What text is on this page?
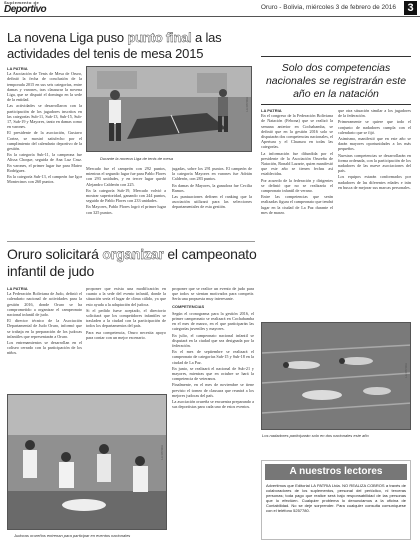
Suplemento de
Deportivo	Oruro - Bolivia, miércoles 3 de febrero de 2016	3
La novena Liga puso punto final a las actividades del tenis de mesa 2015
LA PATRIA

La Asociación de Tenis de Mesa de Oruro, definió la fecha de conclusión de la temporada 2015 en sus seis categorías, entre damas y varones, tras clausurar la novena Liga, que se disputó el domingo en la sede de la entidad.

Las actividades se desarrollaron con la participación de los jugadores inscritos en las categorías Sub-11, Sub-13, Sub-15, Sub-17, Sub-19 y Mayores, tanto en damas como en varones.

El presidente de la asociación, Gustavo Cortez, se mostró satisfecho por el cumplimiento del calendario deportivo de la gestión.

En la categoría Sub-11, la campeona fue Alissa Choque, seguida de Ana Luz Cruz. En varones, el primer lugar fue para Mateo Rodríguez.

En la categoría Sub-13, el campeón fue Igor Montecinos con 260 puntos.

LA PATRIA
Durante la novena Liga de tenis de mesa

Mercado fue el campeón con 292 puntos, mientras el segundo lugar fue para Pablo Flores con 293 unidades, y en tercer lugar quedó Alejandro Calderón con 225.

En la categoría Sub-19, Mercado volvió a mostrar superioridad, ganando con 244 puntos, seguido de Pablo Flores con 233 unidades.

En Mayores, Pablo Flores logró el primer lugar con 325 puntos.

jugadas, sobre los 291 puntos. El campeón de la categoría Mayores en varones fue Adrián Calderón, con 283 puntos.

En damas de Mayores, la ganadora fue Cecilia Ramos.

Las puntuaciones definen el ranking que la asociación utilizará para las selecciones departamentales de esta gestión.

Solo dos competencias nacionales se registrarán este año en la natación
LA PATRIA

En el congreso de la Federación Boliviana de Natación (Febona) que se realizó la semana anterior en Cochabamba, se definió que en la gestión 2016 solo se disputarán dos competencias nacionales, el Apertura y el Clausura en todas las categorías.

La información fue difundida por el presidente de la Asociación Orureña de Natación, Ronald Lazarte, quien manifestó que este año se tienen fechas así establecidas.

Por acuerdo de la federación y dirigentes se definió que no se realizaría el campeonato infantil de verano.

Entre las competencias que serán realizadas figura el campeonato que tendrá lugar en la ciudad de La Paz durante el mes de marzo.

que otra situación similar a los jugadores de la federación.

Primeramente se quiere que todo el conjunto de nadadores cumpla con el calendario que se fijó.

Asimismo, manifestó que en este año se darán mayores oportunidades a los más pequeños.

Nuestras competencias se desarrollarán en forma ordenada, con la participación de los nadadores de las nueve asociaciones del país.

Los equipos estarán conformados por nadadores de las diferentes edades e irán en busca de mejorar sus marcas personales.

LA PATRIA
Los nadadores participarán solo en dos nacionales este año
Oruro solicitará organizar el campeonato infantil de judo
LA PATRIA

La Federación Boliviana de Judo, definió el calendario nacional de actividades para la gestión 2016, donde Oruro se ha comprometido a organizar el campeonato nacional infantil de judo.

El director técnico de la Asociación Departamental de Judo Oruro, informó que se trabaja en la preparación de los judocas infantiles que representarán a Oruro.

Los entrenamientos se desarrollan en el coliseo cerrado con la participación de los niños.

proponer que exista una modificación en cuanto a la sede del evento infantil, donde la situación sería el lugar de clima cálido, ya que esto ayuda a la adaptación del judoca.

Si el pedido fuese aceptado, el directorio solicitará que los competidores infantiles se trasladen a la ciudad con la participación de todos los departamentos del país.

Para esa competencia, Oruro necesita apoyo para contar con un mejor escenario.

proponer que se realice un evento de judo para que todos se sientan motivados para competir. Sería una propuesta muy interesante.

COMPETENCIAS

Según el cronograma para la gestión 2016, el primer campeonato se realizará en Cochabamba en el mes de marzo, en el que participarán las categorías juveniles y mayores.

En julio, el campeonato nacional infantil se disputará en la ciudad que sea designada por la federación.

En el mes de septiembre se realizará el campeonato de categorías Sub-15 y Sub-18 en la ciudad de La Paz.

En junio, se realizará el nacional de Sub-21 y mayores, mientras que en octubre se hará la competencia de veteranos.

Finalmente, en el mes de noviembre se tiene previsto el torneo de clausura que reunirá a los mejores judocas del país.

La asociación orureña se encuentra preparando a sus deportistas para cada uno de estos eventos.

LA PATRIA
Judocas orureños entrenan para participar en eventos nacionales
A nuestros lectores
Advertimos que Editorial LA PATRIA Ltda. NO REALIZA COBROS a través de colaboradores de los suplementos, personal del periódico, ni terceras personas; toda pago que realice será bajo responsabilidad de las personas que lo efectúen. Cualquier problema lo denunciamos a la oficina de Contabilidad. No se deje sorprender. Para cualquier consulta comuníquese con el teléfono 5257780.
